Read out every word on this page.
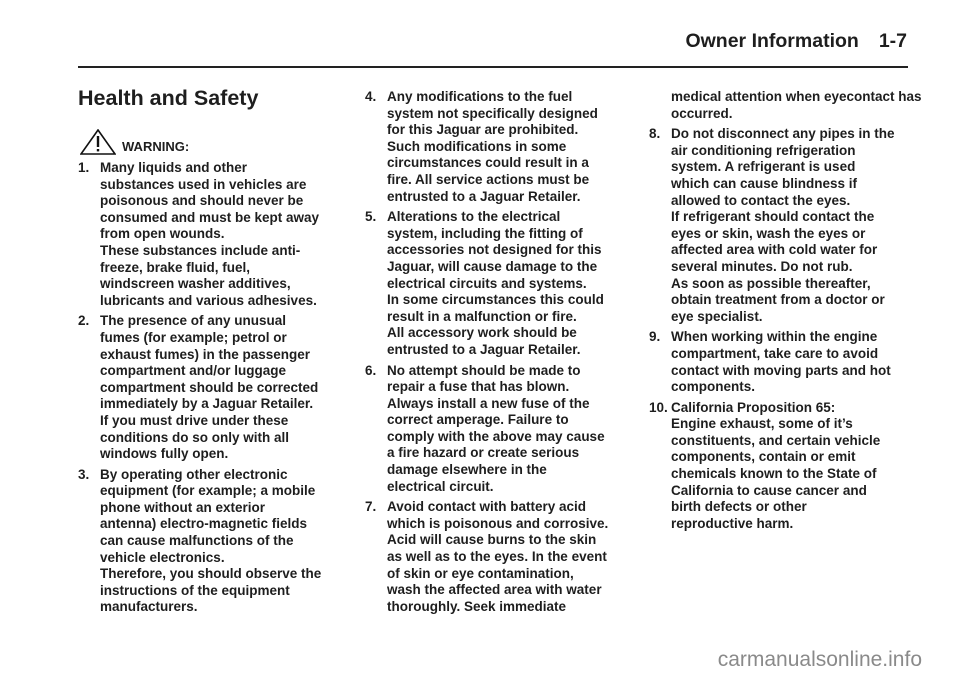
Owner Information 1-7
Health and Safety
WARNING:
1. Many liquids and other
substances used in vehicles are
poisonous and should never be
consumed and must be kept away
from open wounds.
These substances include anti-
freeze, brake fluid, fuel,
windscreen washer additives,
lubricants and various adhesives.
2. The presence of any unusual
fumes (for example; petrol or
exhaust fumes) in the passenger
compartment and/or luggage
compartment should be corrected
immediately by a Jaguar Retailer.
If you must drive under these
conditions do so only with all
windows fully open.
3. By operating other electronic
equipment (for example; a mobile
phone without an exterior
antenna) electro-magnetic fields
can cause malfunctions of the
vehicle electronics.
Therefore, you should observe the
instructions of the equipment
manufacturers.
4. Any modifications to the fuel
system not specifically designed
for this Jaguar are prohibited.
Such modifications in some
circumstances could result in a
fire. All service actions must be
entrusted to a Jaguar Retailer.
5. Alterations to the electrical
system, including the fitting of
accessories not designed for this
Jaguar, will cause damage to the
electrical circuits and systems.
In some circumstances this could
result in a malfunction or fire.
All accessory work should be
entrusted to a Jaguar Retailer.
6. No attempt should be made to
repair a fuse that has blown.
Always install a new fuse of the
correct amperage. Failure to
comply with the above may cause
a fire hazard or create serious
damage elsewhere in the
electrical circuit.
7. Avoid contact with battery acid
which is poisonous and corrosive.
Acid will cause burns to the skin
as well as to the eyes. In the event
of skin or eye contamination,
wash the affected area with water
thoroughly. Seek immediate
medical attention when eyecontact has occurred.
8. Do not disconnect any pipes in the
air conditioning refrigeration
system. A refrigerant is used
which can cause blindness if
allowed to contact the eyes.
If refrigerant should contact the
eyes or skin, wash the eyes or
affected area with cold water for
several minutes. Do not rub.
As soon as possible thereafter,
obtain treatment from a doctor or
eye specialist.
9. When working within the engine
compartment, take care to avoid
contact with moving parts and hot
components.
10. California Proposition 65:
Engine exhaust, some of it’s
constituents, and certain vehicle
components, contain or emit
chemicals known to the State of
California to cause cancer and
birth defects or other
reproductive harm.
carmanualsonline.info
